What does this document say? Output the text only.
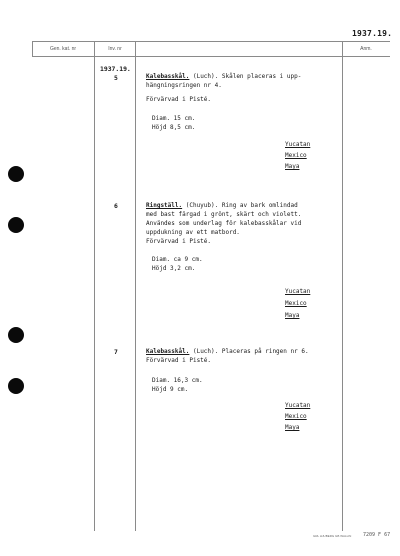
1937.19.
Gen. kat. nr	Inv. nr	Anm.
1937.19.
5	Kalebasskål. (Luch). Skålen placeras i upp-
hängningsringen nr 4.
Förvärvad i Pisté.
Diam. 15 cm.
Höjd 8,5 cm.
Yucatan
Mexico
Maya
6	Ringställ. (Chuyub). Ring av bark omlindad
med bast färgad i grönt, skärt och violett.
Användes som underlag för kalebasskålar vid
uppdukning av ett matbord.
Förvärvad i Pisté.
Diam. ca 9 cm.
Höjd 3,2 cm.
Yucatan
Mexico
Maya
7	Kalebasskål. (Luch). Placeras på ringen nr 6.
Förvärvad i Pisté.
Diam. 16,3 cm.
Höjd 9 cm.
Yucatan
Mexico
Maya
GRL HJUBERG GB WALLIN 7209 F 67
